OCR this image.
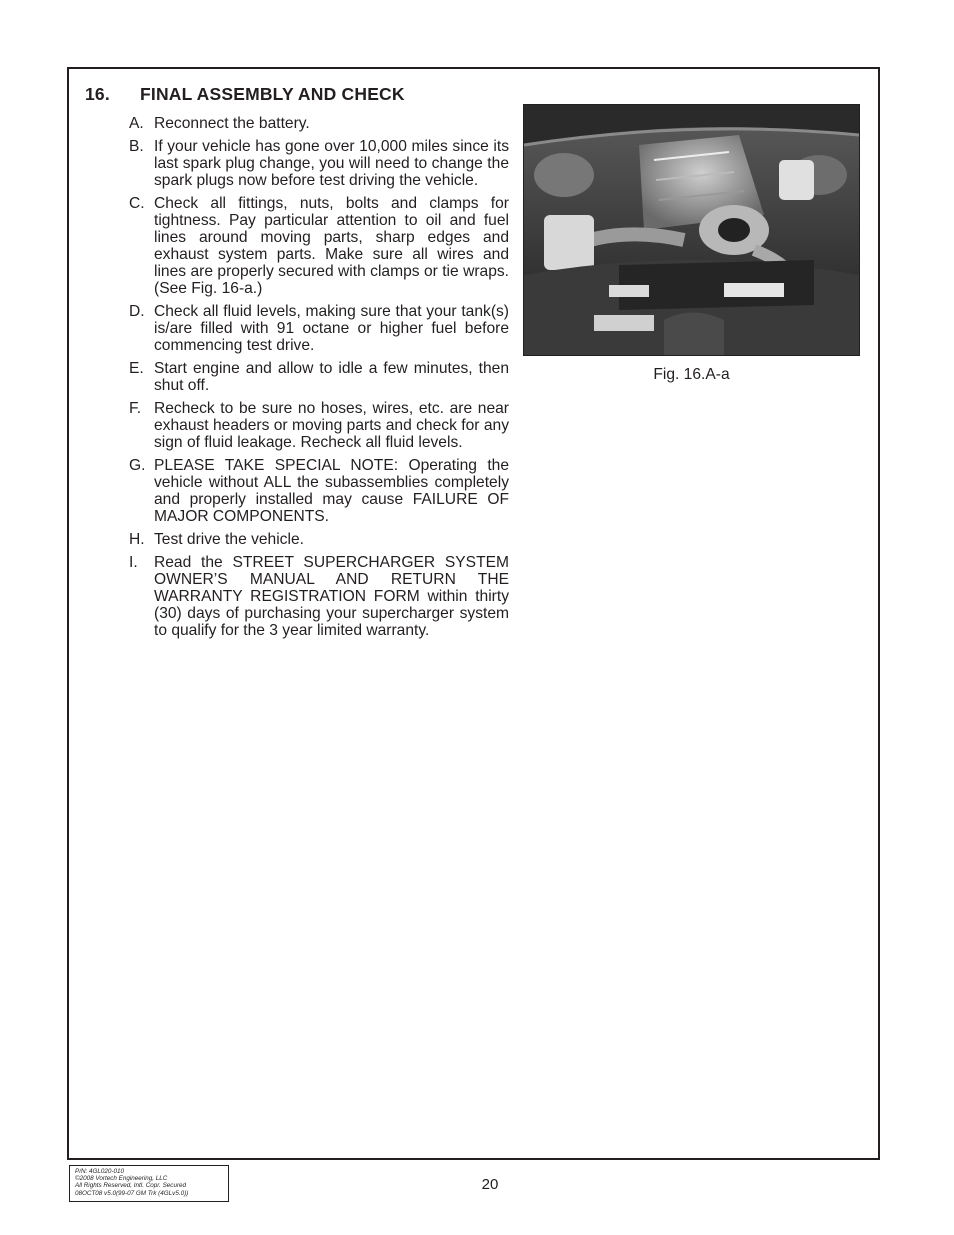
16. FINAL ASSEMBLY AND CHECK
A. Reconnect the battery.
B. If your vehicle has gone over 10,000 miles since its last spark plug change, you will need to change the spark plugs now before test driving the vehicle.
C. Check all fittings, nuts, bolts and clamps for tightness. Pay particular attention to oil and fuel lines around moving parts, sharp edges and exhaust system parts. Make sure all wires and lines are properly secured with clamps or tie wraps. (See Fig. 16-a.)
D. Check all fluid levels, making sure that your tank(s) is/are filled with 91 octane or higher fuel before commencing test drive.
E. Start engine and allow to idle a few minutes, then shut off.
F. Recheck to be sure no hoses, wires, etc. are near exhaust headers or moving parts and check for any sign of fluid leakage. Recheck all fluid levels.
G. PLEASE TAKE SPECIAL NOTE: Operating the vehicle without ALL the subassemblies completely and properly installed may cause FAILURE OF MAJOR COMPONENTS.
H. Test drive the vehicle.
I.	Read the STREET SUPERCHARGER SYSTEM OWNER’S MANUAL AND RETURN THE WARRANTY REGISTRATION FORM within thirty (30) days of purchasing your supercharger system to qualify for the 3 year limited warranty.
Fig. 16.A-a
P/N: 4GL020-010
©2008 Vortech Engineering, LLC
All Rights Reserved, Intl. Copr. Secured
08OCT08 v5.0(99-07 GM Trk (4GLv5.0))
20
